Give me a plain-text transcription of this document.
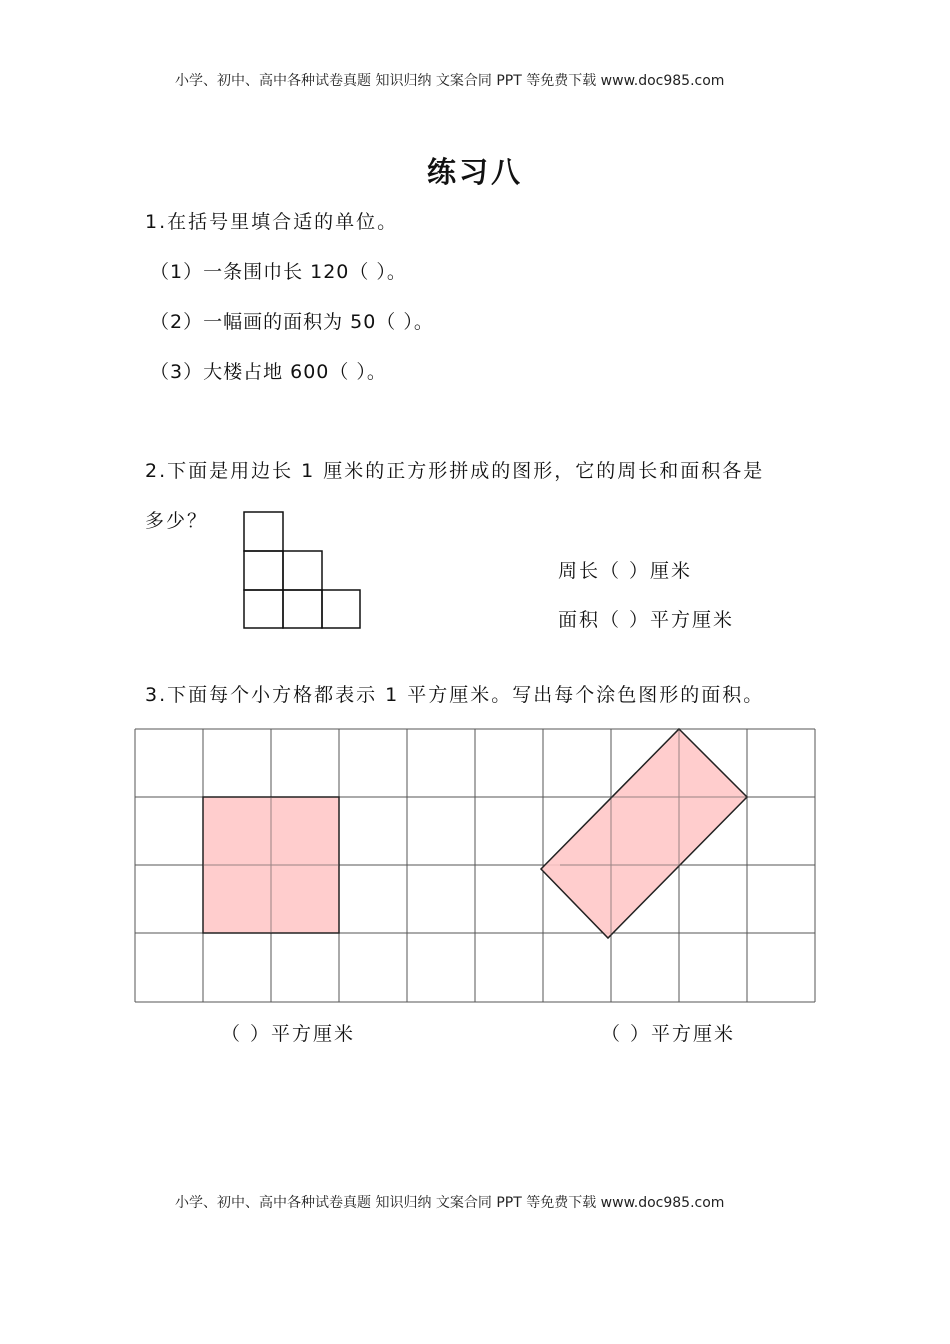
小学、初中、高中各种试卷真题 知识归纳 文案合同 PPT 等免费下载 www.doc985.com
练习八
1.在括号里填合适的单位。
（1）一条围巾长 120（ ）。
（2）一幅画的面积为 50（ ）。
（3）大楼占地 600（ ）。
2.下面是用边长 1 厘米的正方形拼成的图形，它的周长和面积各是
多少？
周长（ ）厘米
面积（ ）平方厘米
（ ）平方厘米	（ ）平方厘米
3.下面每个小方格都表示 1 平方厘米。写出每个涂色图形的面积。
小学、初中、高中各种试卷真题 知识归纳 文案合同 PPT 等免费下载 www.doc985.com
